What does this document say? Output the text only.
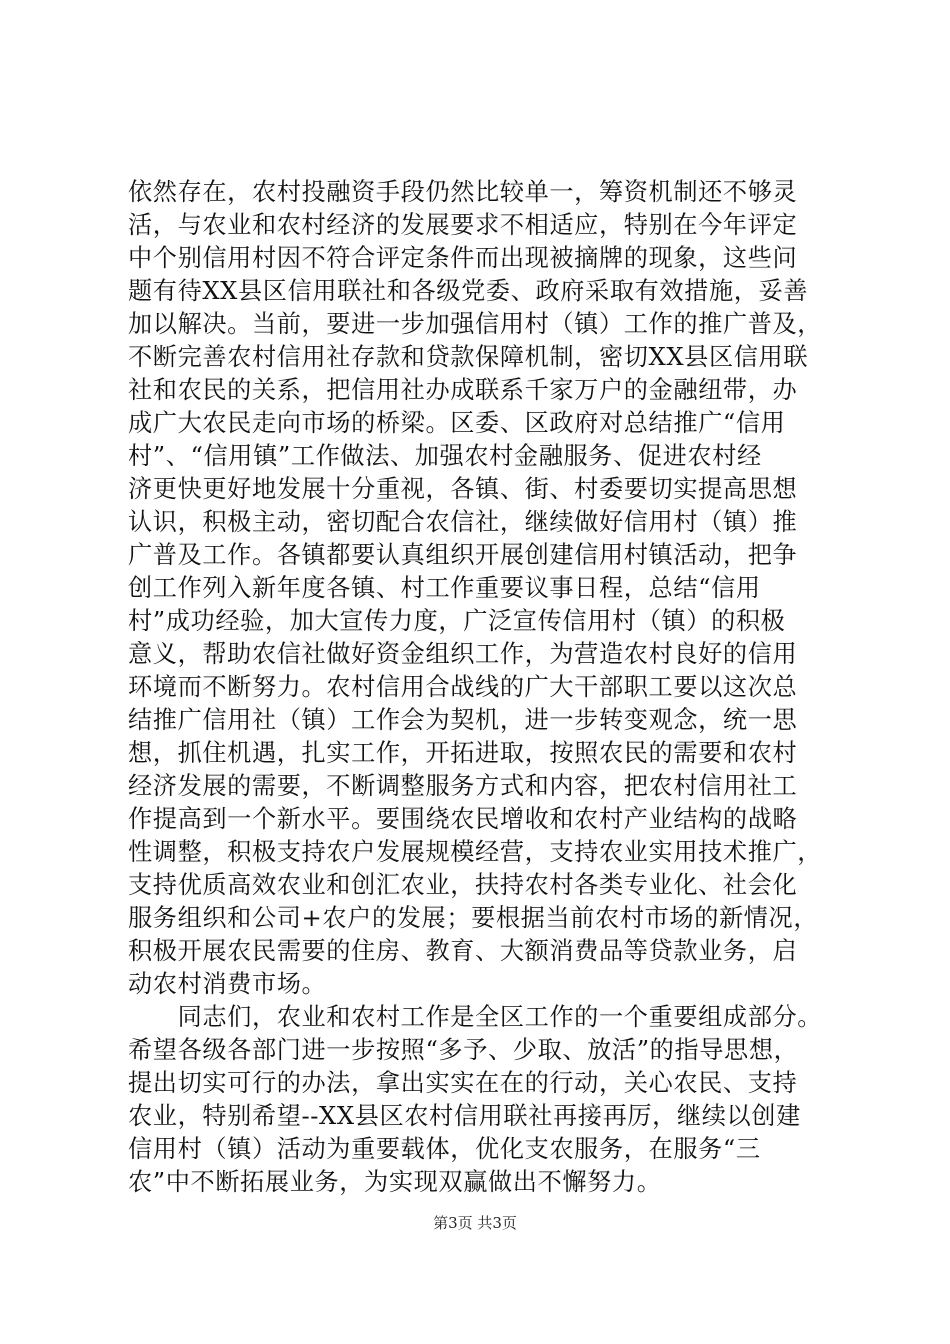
依然存在，农村投融资手段仍然比较单一，筹资机制还不够灵
活，与农业和农村经济的发展要求不相适应，特别在今年评定
中个别信用村因不符合评定条件而出现被摘牌的现象，这些问
题有待XX县区信用联社和各级党委、政府采取有效措施，妥善
加以解决。当前，要进一步加强信用村（镇）工作的推广普及，
不断完善农村信用社存款和贷款保障机制，密切XX县区信用联
社和农民的关系，把信用社办成联系千家万户的金融纽带，办
成广大农民走向市场的桥梁。区委、区政府对总结推广“信用
村”、“信用镇”工作做法、加强农村金融服务、促进农村经
济更快更好地发展十分重视，各镇、街、村委要切实提高思想
认识，积极主动，密切配合农信社，继续做好信用村（镇）推
广普及工作。各镇都要认真组织开展创建信用村镇活动，把争
创工作列入新年度各镇、村工作重要议事日程，总结“信用
村”成功经验，加大宣传力度，广泛宣传信用村（镇）的积极
意义，帮助农信社做好资金组织工作，为营造农村良好的信用
环境而不断努力。农村信用合战线的广大干部职工要以这次总
结推广信用社（镇）工作会为契机，进一步转变观念，统一思
想，抓住机遇，扎实工作，开拓进取，按照农民的需要和农村
经济发展的需要，不断调整服务方式和内容，把农村信用社工
作提高到一个新水平。要围绕农民增收和农村产业结构的战略
性调整，积极支持农户发展规模经营，支持农业实用技术推广，
支持优质高效农业和创汇农业，扶持农村各类专业化、社会化
服务组织和公司+农户的发展；要根据当前农村市场的新情况，
积极开展农民需要的住房、教育、大额消费品等贷款业务，启
动农村消费市场。
　　同志们，农业和农村工作是全区工作的一个重要组成部分。
希望各级各部门进一步按照“多予、少取、放活”的指导思想，
提出切实可行的办法，拿出实实在在的行动，关心农民、支持
农业，特别希望--XX县区农村信用联社再接再厉，继续以创建
信用村（镇）活动为重要载体，优化支农服务，在服务“三
农”中不断拓展业务，为实现双赢做出不懈努力。
第3页 共3页
